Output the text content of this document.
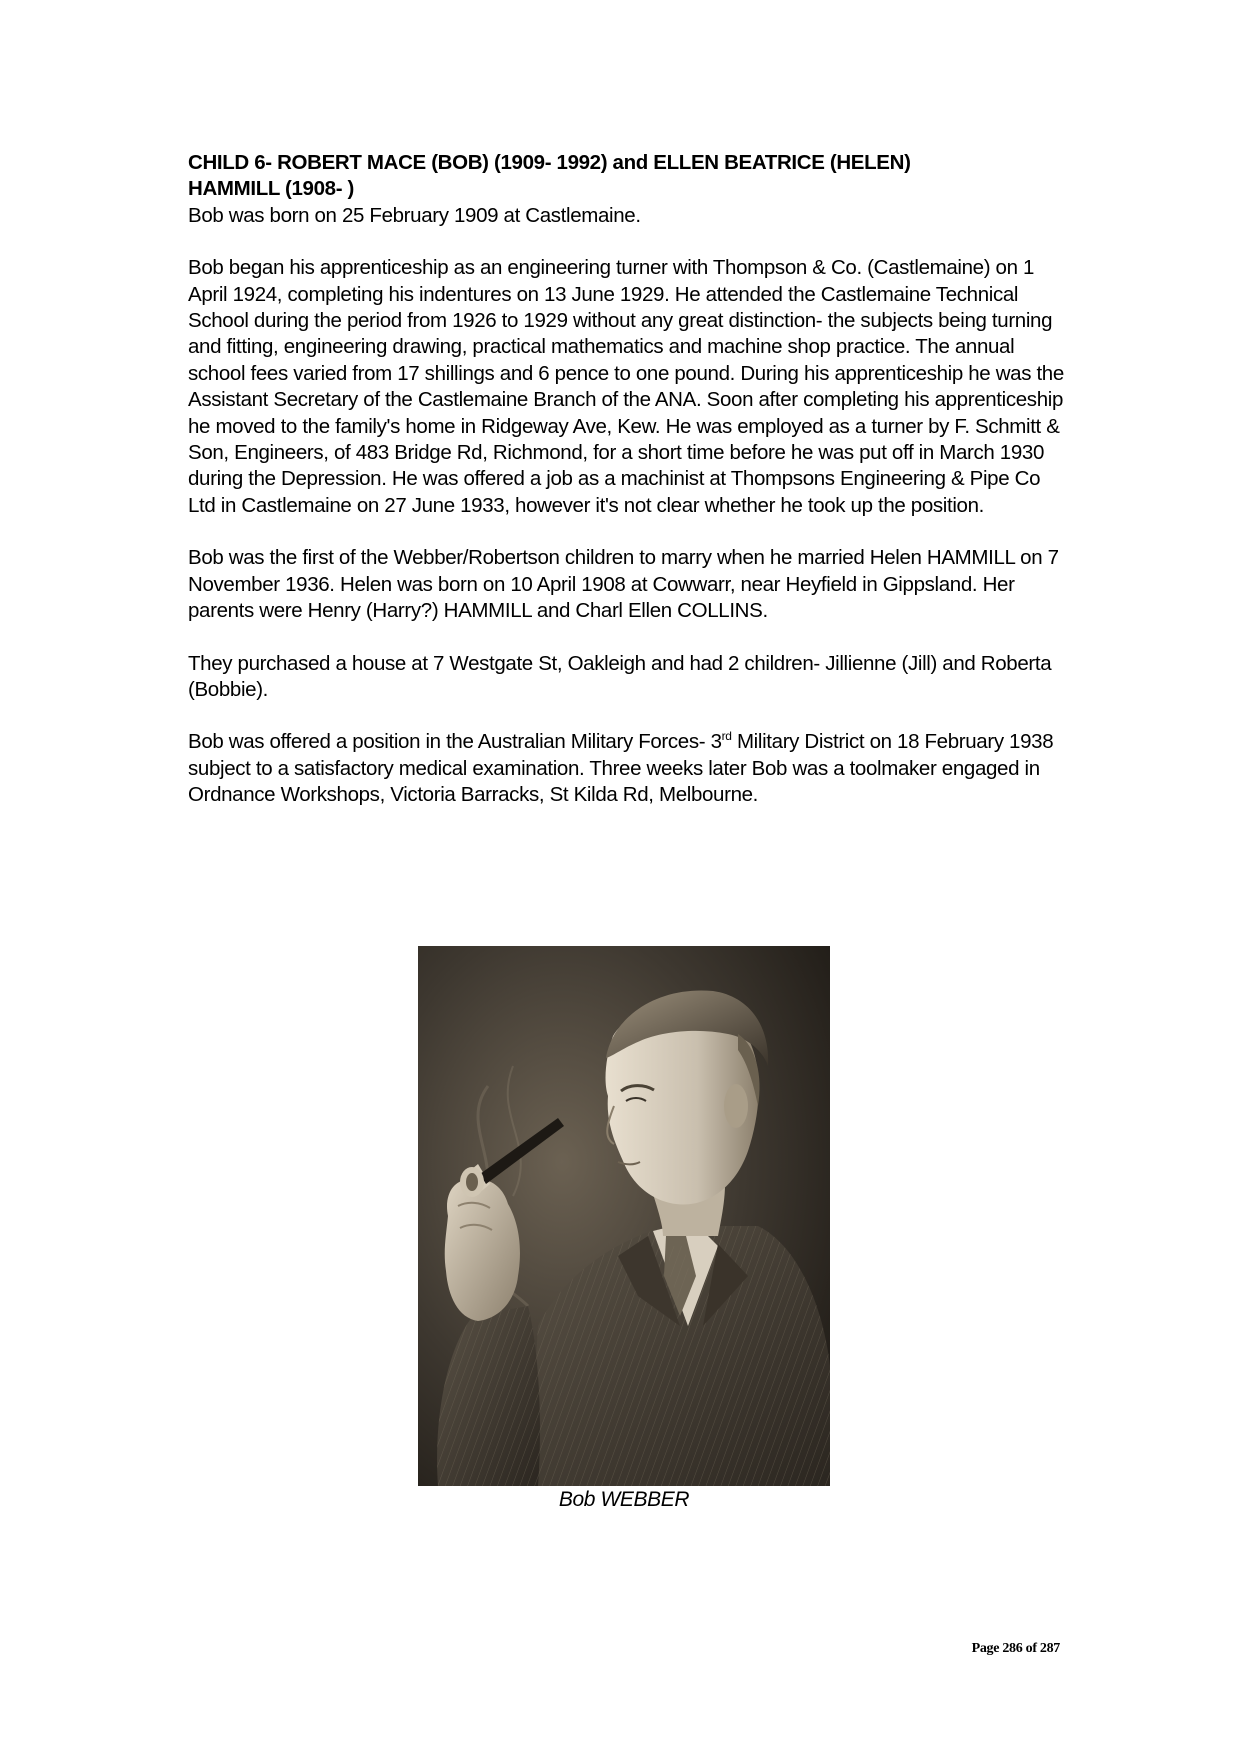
CHILD 6- ROBERT MACE (BOB) (1909- 1992) and ELLEN BEATRICE (HELEN)
HAMMILL (1908- )

Bob was born on 25 February 1909 at Castlemaine.

Bob began his apprenticeship as an engineering turner with Thompson & Co. (Castlemaine) on 1 April 1924, completing his indentures on 13 June 1929. He attended the Castlemaine Technical School during the period from 1926 to 1929 without any great distinction- the subjects being turning and fitting, engineering drawing, practical mathematics and machine shop practice. The annual school fees varied from 17 shillings and 6 pence to one pound. During his apprenticeship he was the Assistant Secretary of the Castlemaine Branch of the ANA. Soon after completing his apprenticeship he moved to the family's home in Ridgeway Ave, Kew. He was employed as a turner by F. Schmitt & Son, Engineers, of 483 Bridge Rd, Richmond, for a short time before he was put off in March 1930 during the Depression. He was offered a job as a machinist at Thompsons Engineering & Pipe Co Ltd in Castlemaine on 27 June 1933, however it's not clear whether he took up the position.

Bob was the first of the Webber/Robertson children to marry when he married Helen HAMMILL on 7 November 1936. Helen was born on 10 April 1908 at Cowwarr, near Heyfield in Gippsland. Her parents were Henry (Harry?) HAMMILL and Charl Ellen COLLINS.

They purchased a house at 7 Westgate St, Oakleigh and had 2 children- Jillienne (Jill) and Roberta (Bobbie).

Bob was offered a position in the Australian Military Forces- 3rd Military District on 18 February 1938 subject to a satisfactory medical examination. Three weeks later Bob was a toolmaker engaged in Ordnance Workshops, Victoria Barracks, St Kilda Rd, Melbourne.

Bob WEBBER
Page 286 of 287
